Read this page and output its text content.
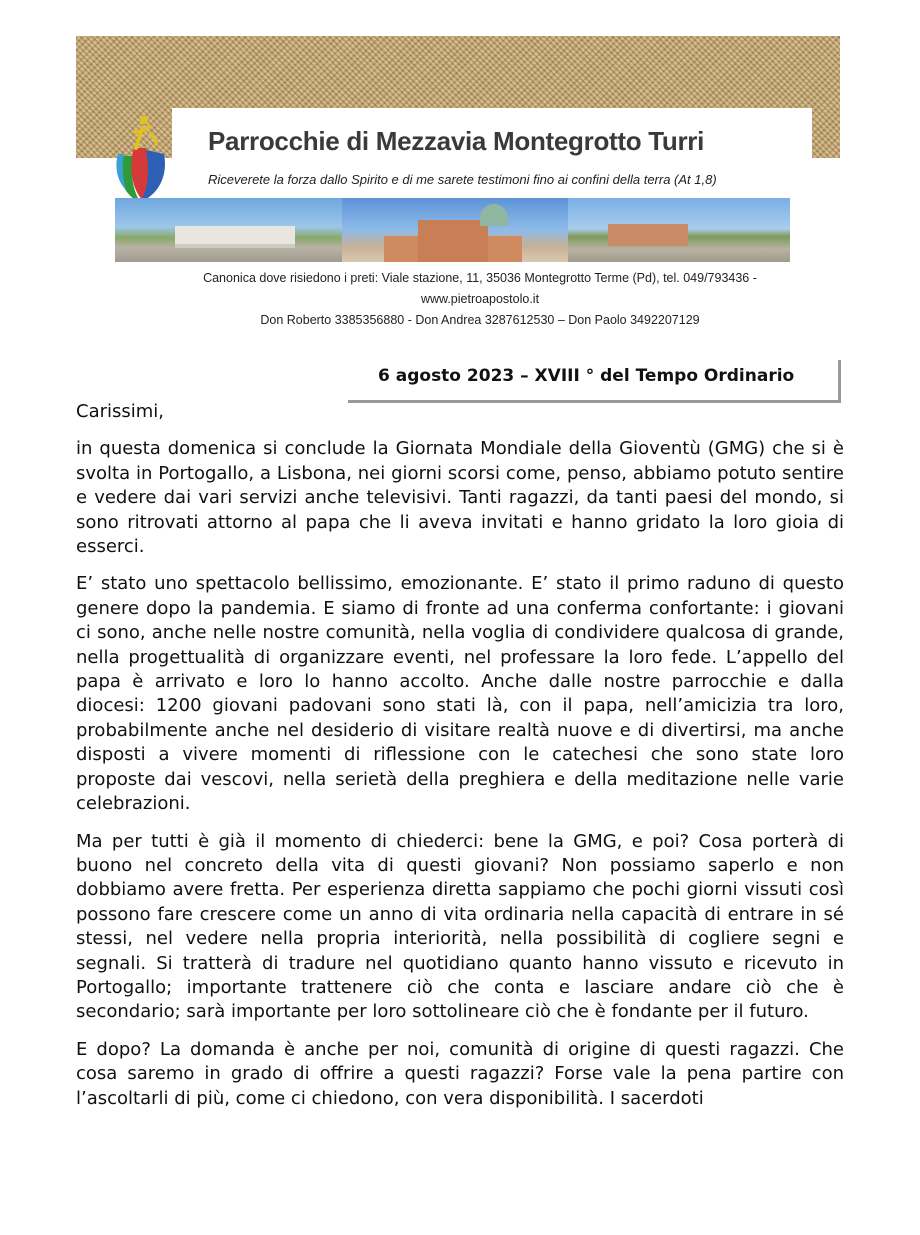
Parrocchie di Mezzavia Montegrotto Turri
Riceverete la forza dallo Spirito e di me sarete testimoni fino ai confini della terra (At 1,8)
Canonica dove risiedono i preti: Viale stazione, 11, 35036 Montegrotto Terme (Pd), tel. 049/793436 -
www.pietroapostolo.it
Don Roberto 3385356880 - Don Andrea 3287612530 – Don Paolo 3492207129
6 agosto 2023 – XVIII ° del Tempo Ordinario

Carissimi,

in questa domenica si conclude la Giornata Mondiale della Gioventù (GMG) che si è svolta in Portogallo, a Lisbona, nei giorni scorsi come, penso, abbiamo potuto sentire e vedere dai vari servizi anche televisivi. Tanti ragazzi, da tanti paesi del mondo, si sono ritrovati attorno al papa che li aveva invitati e hanno gridato la loro gioia di esserci.

E’ stato uno spettacolo bellissimo, emozionante. E’ stato il primo raduno di questo genere dopo la pandemia. E siamo di fronte ad una conferma confortante: i giovani ci sono, anche nelle nostre comunità, nella voglia di condividere qualcosa di grande, nella progettualità di organizzare eventi, nel professare la loro fede. L’appello del papa è arrivato e loro lo hanno accolto. Anche dalle nostre parrocchie e dalla diocesi: 1200 giovani padovani sono stati là, con il papa, nell’amicizia tra loro, probabilmente anche nel desiderio di visitare realtà nuove e di divertirsi, ma anche disposti a vivere momenti di riflessione con le catechesi che sono state loro proposte dai vescovi, nella serietà della preghiera e della meditazione nelle varie celebrazioni.

Ma per tutti è già il momento di chiederci: bene la GMG, e poi? Cosa porterà di buono nel concreto della vita di questi giovani? Non possiamo saperlo e non dobbiamo avere fretta. Per esperienza diretta sappiamo che pochi giorni vissuti così possono fare crescere come un anno di vita ordinaria nella capacità di entrare in sé stessi, nel vedere nella propria interiorità, nella possibilità di cogliere segni e segnali. Si tratterà di tradure nel quotidiano quanto hanno vissuto e ricevuto in Portogallo; importante trattenere ciò che conta e lasciare andare ciò che è secondario; sarà importante per loro sottolineare ciò che è fondante per il futuro.

E dopo? La domanda è anche per noi, comunità di origine di questi ragazzi. Che cosa saremo in grado di offrire a questi ragazzi? Forse vale la pena partire con l’ascoltarli di più, come ci chiedono, con vera disponibilità. I sacerdoti
